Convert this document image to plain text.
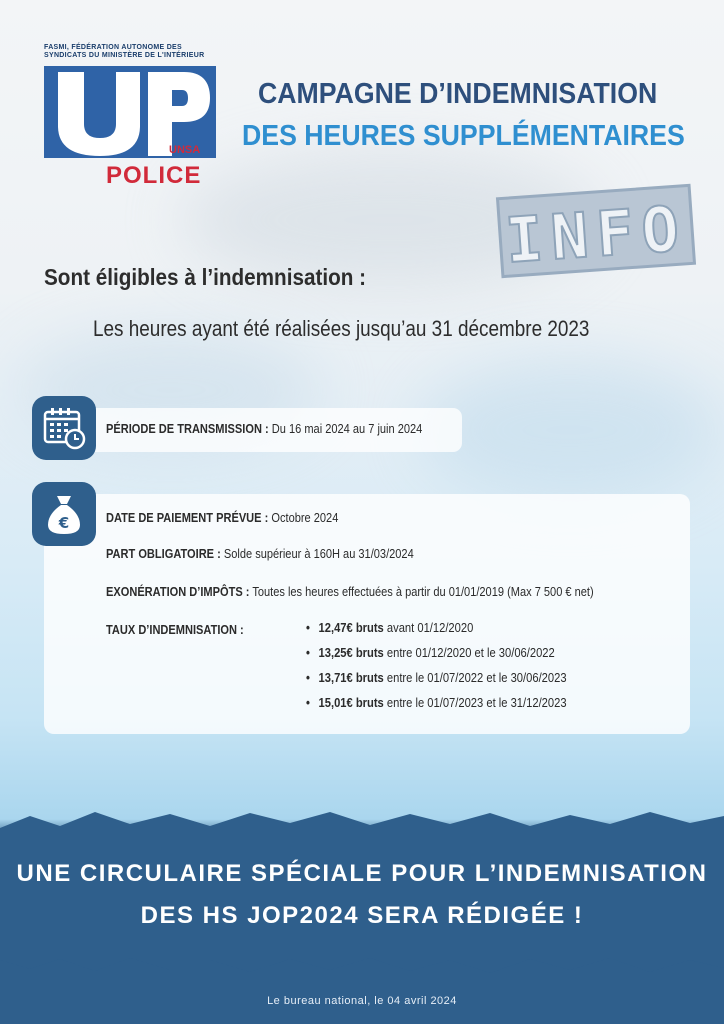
FASMI, FÉDÉRATION AUTONOME DES
SYNDICATS DU MINISTÈRE DE L'INTÉRIEUR
UNSA
POLICE
CAMPAGNE D’INDEMNISATION
DES HEURES SUPPLÉMENTAIRES
INFO
Sont éligibles à l’indemnisation :
Les heures ayant été réalisées jusqu’au 31 décembre 2023
PÉRIODE DE TRANSMISSION : Du 16 mai 2024 au 7 juin 2024
€	DATE DE PAIEMENT PRÉVUE : Octobre 2024
PART OBLIGATOIRE : Solde supérieur à 160H au 31/03/2024
EXONÉRATION D’IMPÔTS : Toutes les heures effectuées à partir du 01/01/2019 (Max 7 500 € net)
TAUX D’INDEMNISATION :
•	12,47€ bruts avant 01/12/2020
• 13,25€ bruts entre 01/12/2020 et le 30/06/2022
• 13,71€ bruts entre le 01/07/2022 et le 30/06/2023
• 15,01€ bruts entre le 01/07/2023 et le 31/12/2023
UNE CIRCULAIRE SPÉCIALE POUR L’INDEMNISATION
DES HS JOP2024 SERA RÉDIGÉE !
Le bureau national, le 04 avril 2024
